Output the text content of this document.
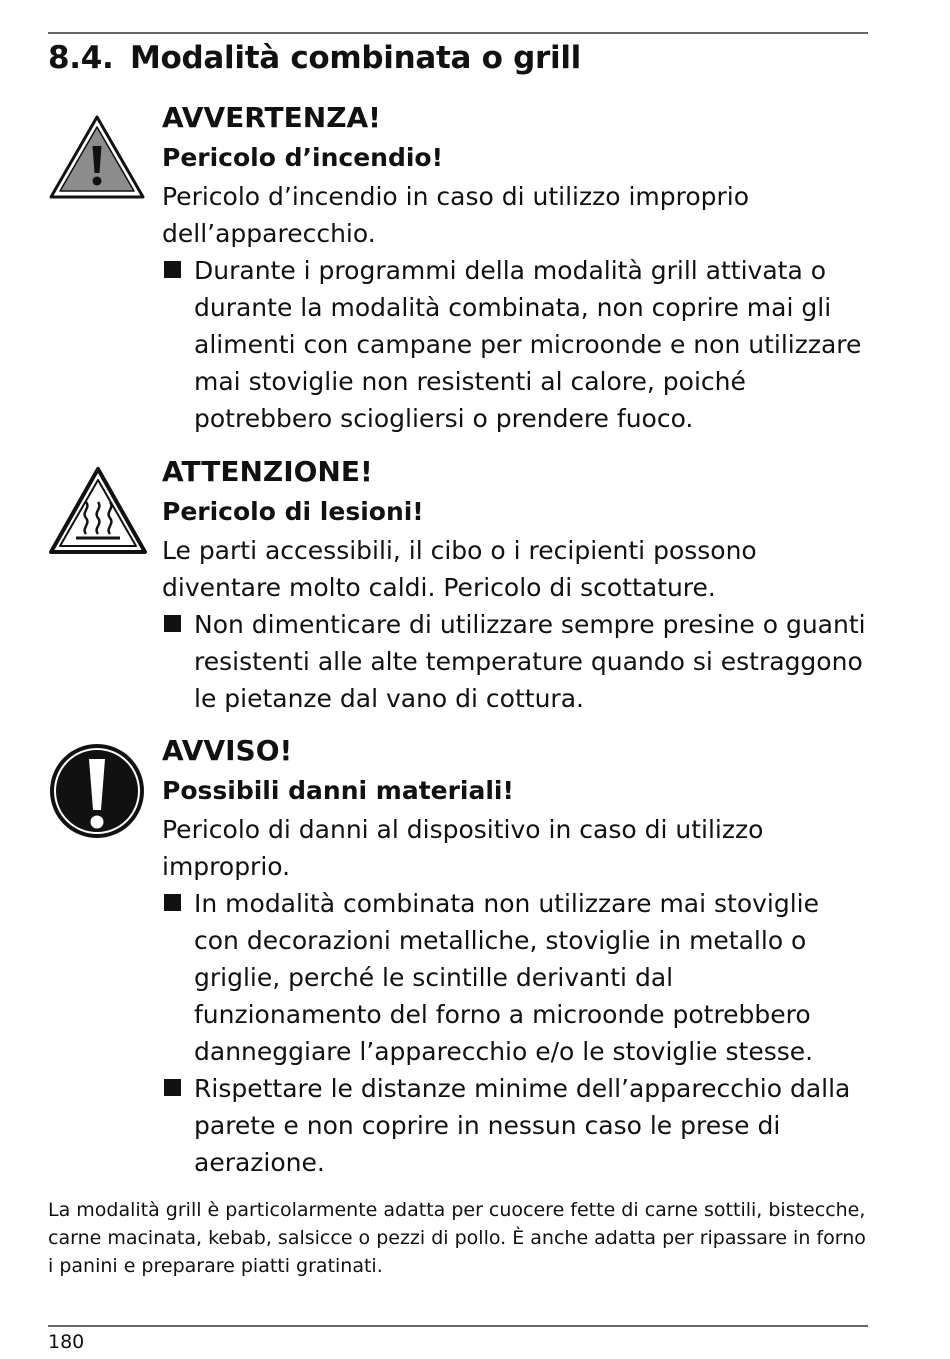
8.4. Modalità combinata o grill

AVVERTENZA!

Pericolo d’incendio!

Pericolo d’incendio in caso di utilizzo improprio dell’apparecchio.

Durante i programmi della modalità grill attivata o durante la modalità combinata, non coprire mai gli alimenti con campane per microonde e non utilizzare mai stoviglie non resistenti al calore, poiché potrebbero sciogliersi o prendere fuoco.

ATTENZIONE!

Pericolo di lesioni!

Le parti accessibili, il cibo o i recipienti possono diventare molto caldi. Pericolo di scottature.

Non dimenticare di utilizzare sempre presine o guanti resistenti alle alte temperature quando si estraggono le pietanze dal vano di cottura.

AVVISO!

Possibili danni materiali!

Pericolo di danni al dispositivo in caso di utilizzo improprio.

In modalità combinata non utilizzare mai stoviglie con decorazioni metalliche, stoviglie in metallo o griglie, perché le scintille derivanti dal funzionamento del forno a microonde potrebbero danneggiare l’apparecchio e/o le stoviglie stesse.
Rispettare le distanze minime dell’apparecchio dalla parete e non coprire in nessun caso le prese di aerazione.

La modalità grill è particolarmente adatta per cuocere fette di carne sottili, bistecche, carne macinata, kebab, salsicce o pezzi di pollo. È anche adatta per ripassare in forno i panini e preparare piatti gratinati.

180
